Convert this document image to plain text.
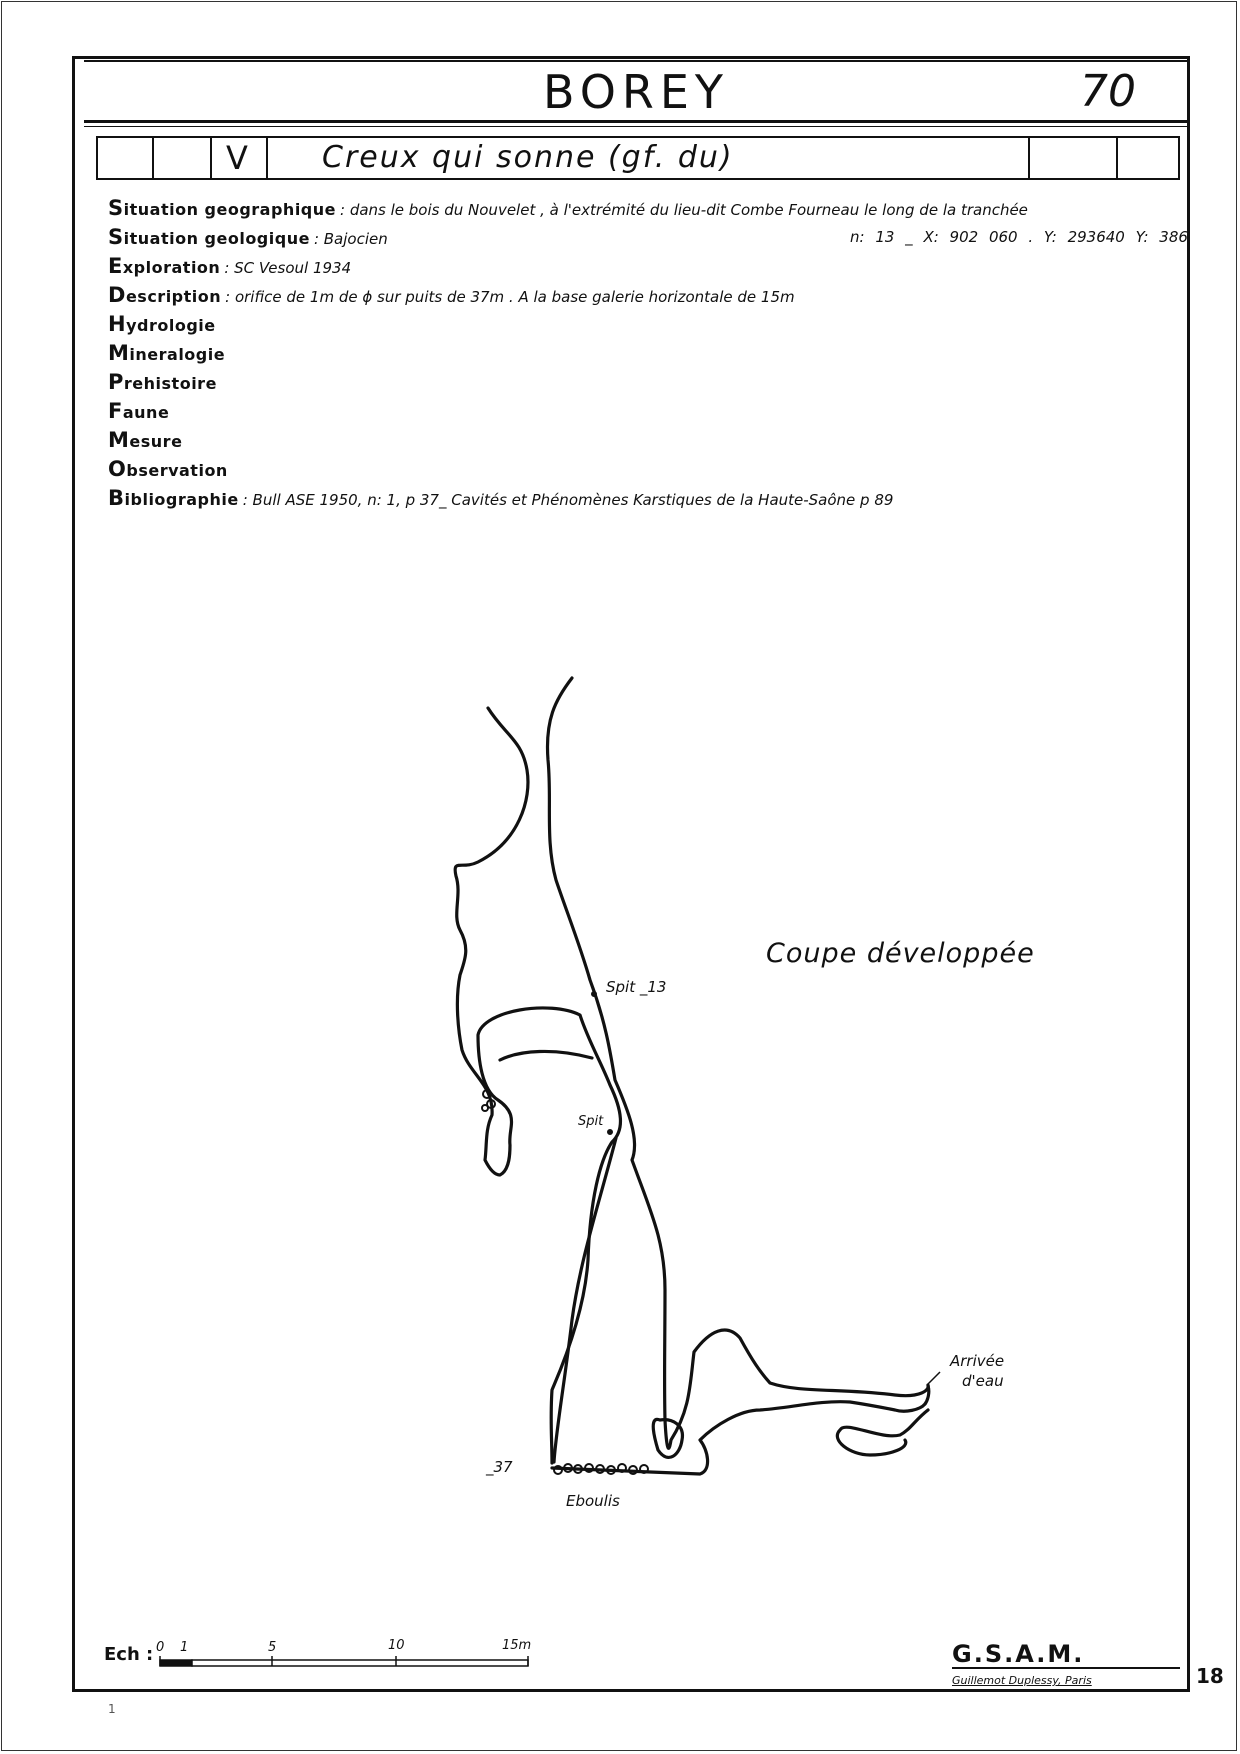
BOREY	70
V Creux qui sonne (gf. du)
Situation geographique : dans le bois du Nouvelet , à l'extrémité du lieu-dit Combe Fourneau le long de la tranchée
Situation geologique : Bajocien	n: 13 _ X: 902 060 . Y: 293640 Y: 386
Exploration : SC Vesoul 1934
Description : orifice de 1m de ϕ sur puits de 37m . A la base galerie horizontale de 15m
Hydrologie
Mineralogie
Prehistoire
Faune
Mesure
Observation
Bibliographie : Bull ASE 1950, n: 1, p 37_ Cavités et Phénomènes Karstiques de la Haute-Saône p 89
Coupe développée
Spit _13
Spit
_37
Eboulis
Arrivée
d'eau
Ech : 0 1	5	10	15m	G.S.A.M.
Guillemot Duplessy, Paris	18
1
